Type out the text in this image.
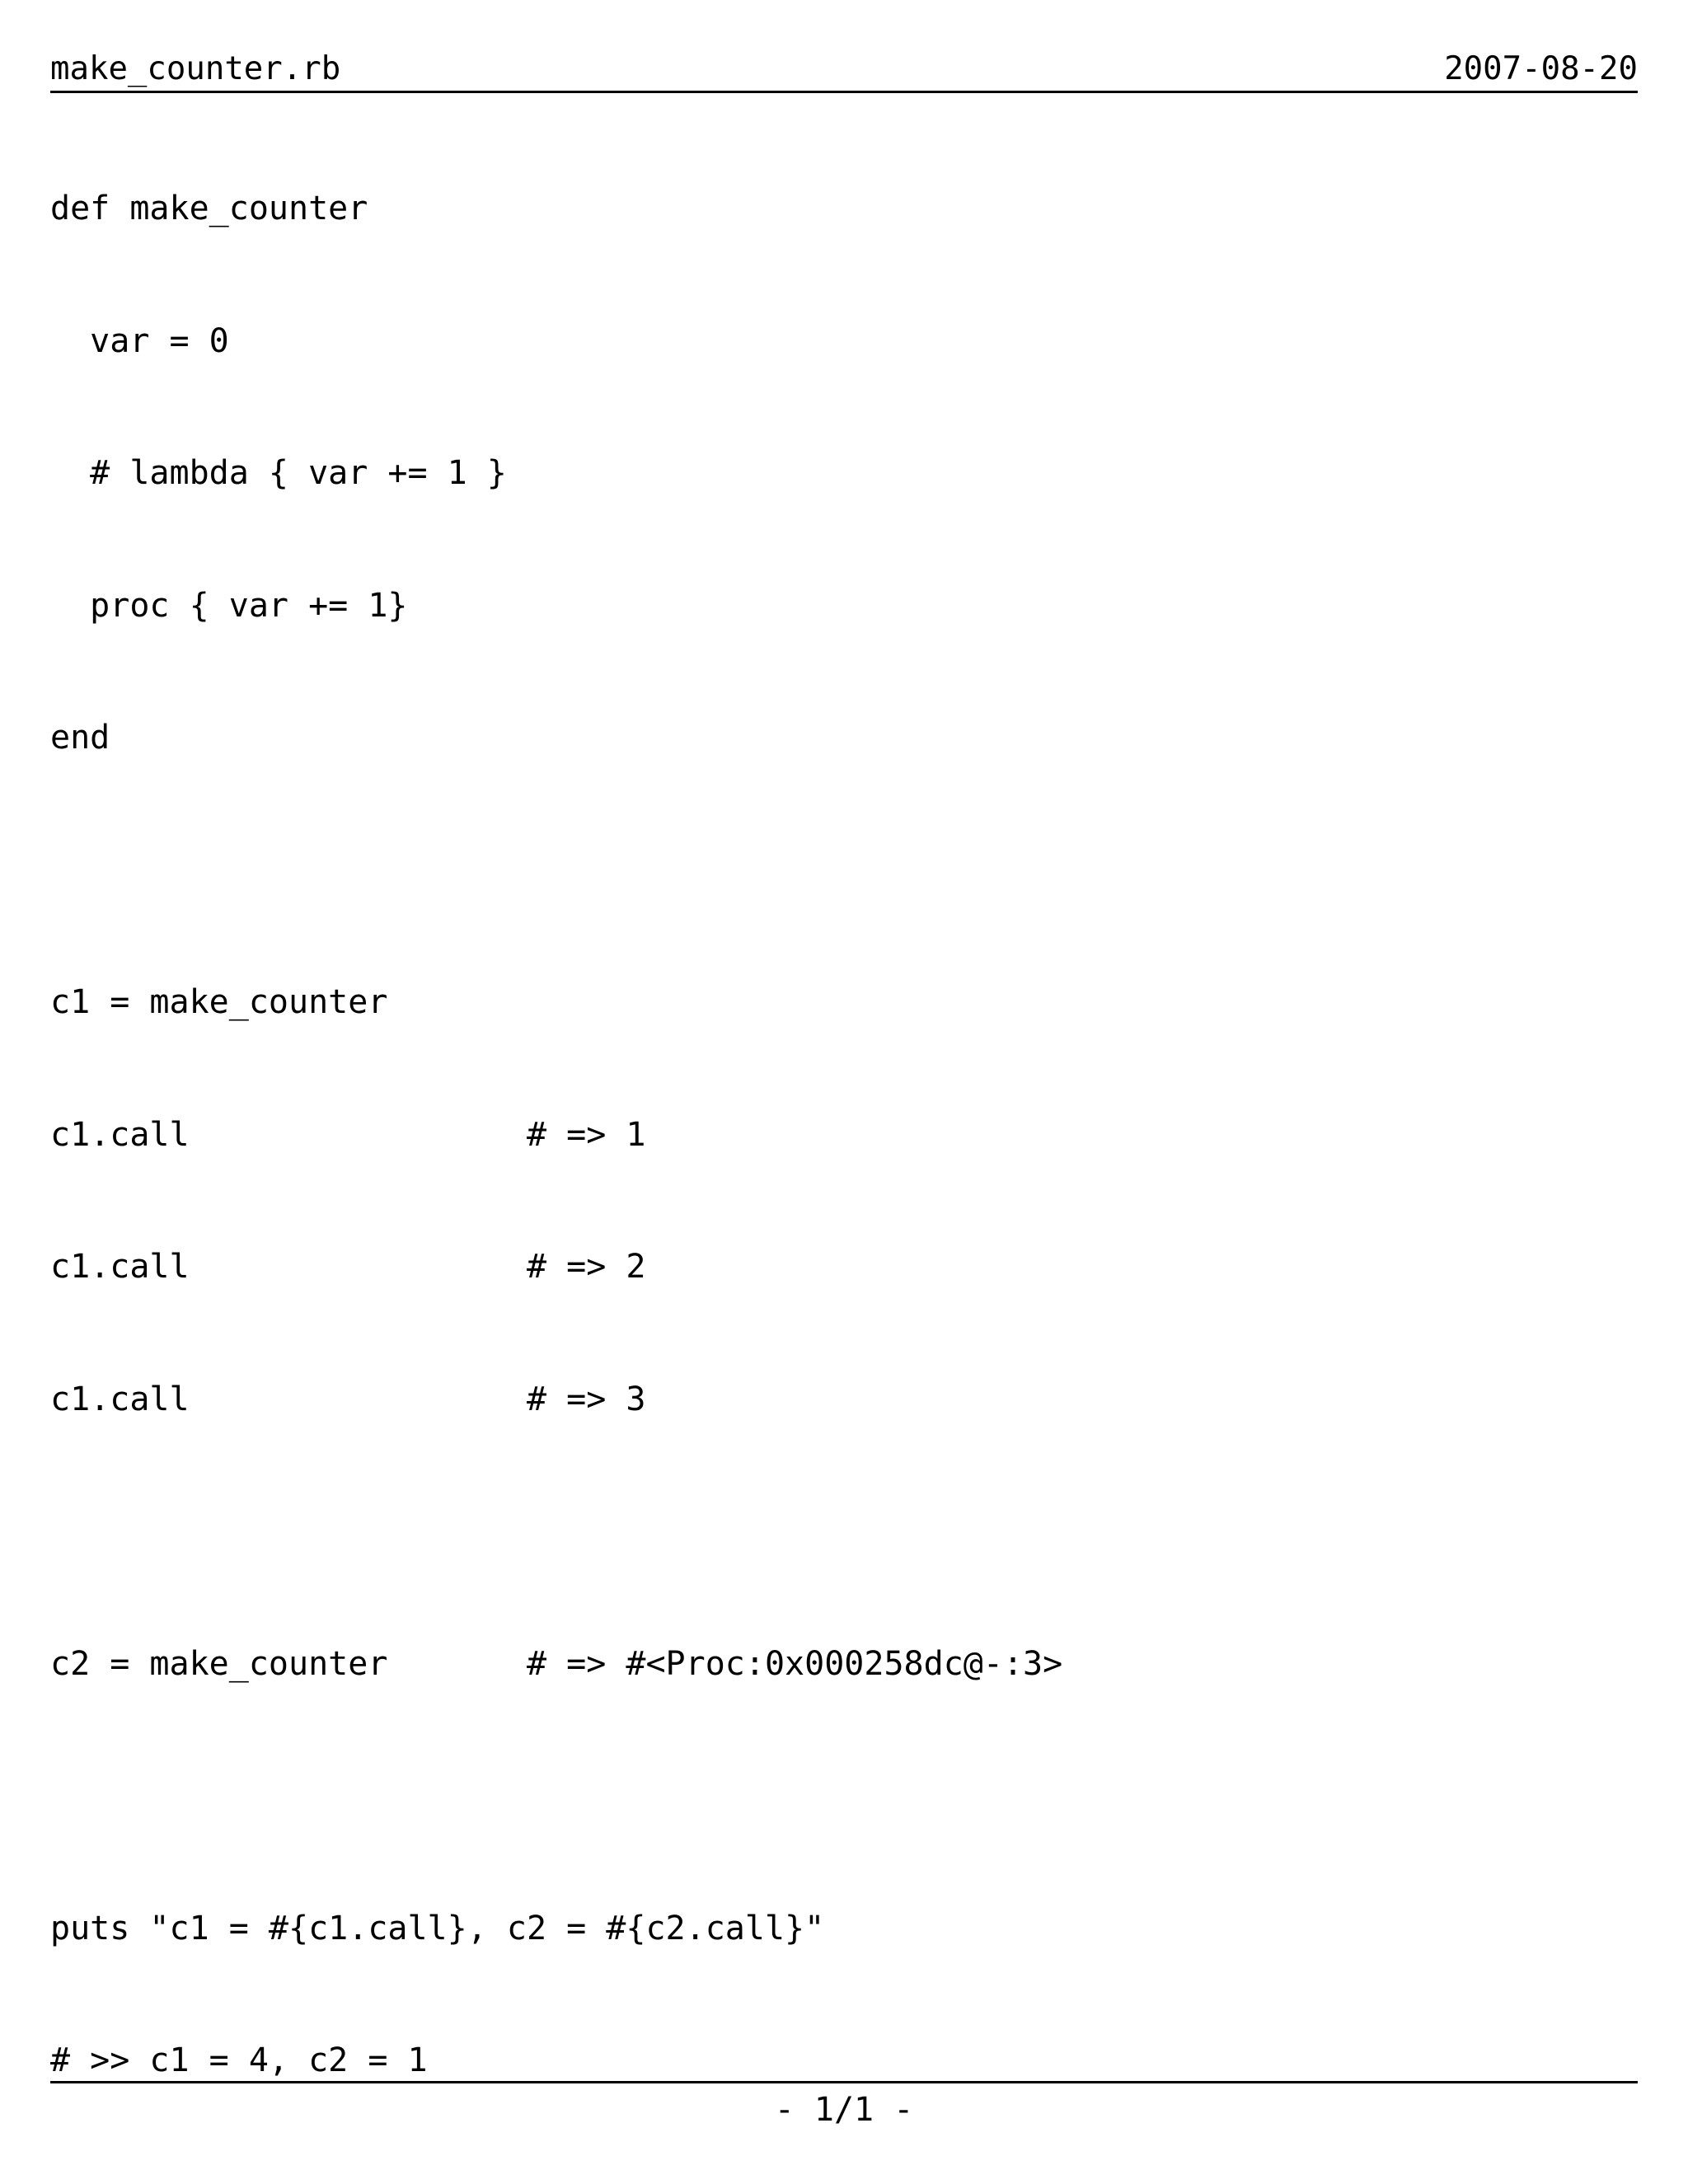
make_counter.rb	2007-08-20

def make_counter

var = 0

# lambda { var += 1 }

proc { var += 1}

end

c1 = make_counter

c1.call                 # => 1

c1.call                 # => 2

c1.call                 # => 3

c2 = make_counter       # => #<Proc:0x000258dc@-:3>

puts "c1 = #{c1.call}, c2 = #{c2.call}"

# >> c1 = 4, c2 = 1

- 1/1 -
